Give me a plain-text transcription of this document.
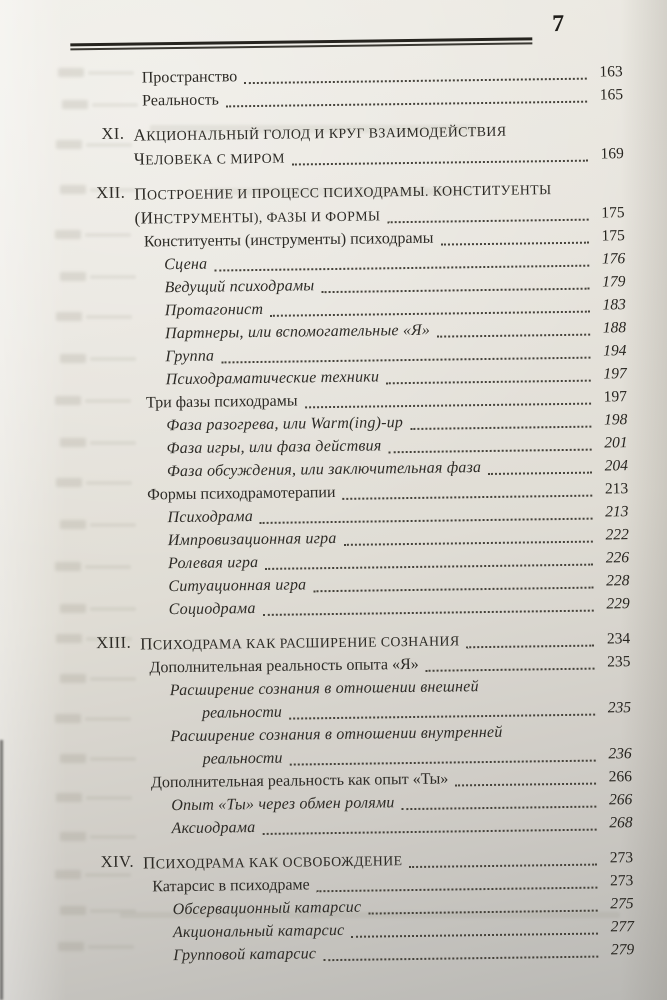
7
Пространство	163
Реальность	165
XI. АКЦИОНАЛЬНЫЙ ГОЛОД И КРУГ ВЗАИМОДЕЙСТВИЯ
ЧЕЛОВЕКА С МИРОМ	169
XII. ПОСТРОЕНИЕ И ПРОЦЕСС ПСИХОДРАМЫ. КОНСТИТУЕНТЫ
(ИНСТРУМЕНТЫ), ФАЗЫ И ФОРМЫ	175
Конституенты (инструменты) психодрамы	175
Сцена	176
Ведущий психодрамы	179
Протагонист	183
Партнеры, или вспомогательные «Я»	188
Группа	194
Психодраматические техники	197
Три фазы психодрамы	197
Фаза разогрева, или Warm(ing)-up	198
Фаза игры, или фаза действия	201
Фаза обсуждения, или заключительная фаза	204
Формы психодрамотерапии	213
Психодрама	213
Импровизационная игра	222
Ролевая игра	226
Ситуационная игра	228
Социодрама	229
XIII. ПСИХОДРАМА КАК РАСШИРЕНИЕ СОЗНАНИЯ	234
Дополнительная реальность опыта «Я»	235
Расширение сознания в отношении внешней
реальности	235
Расширение сознания в отношении внутренней
реальности	236
Дополнительная реальность как опыт «Ты»	266
Опыт «Ты» через обмен ролями	266
Аксиодрама	268
XIV. ПСИХОДРАМА КАК ОСВОБОЖДЕНИЕ	273
Катарсис в психодраме	273
Обсервационный катарсис	275
Акциональный катарсис	277
Групповой катарсис	279
